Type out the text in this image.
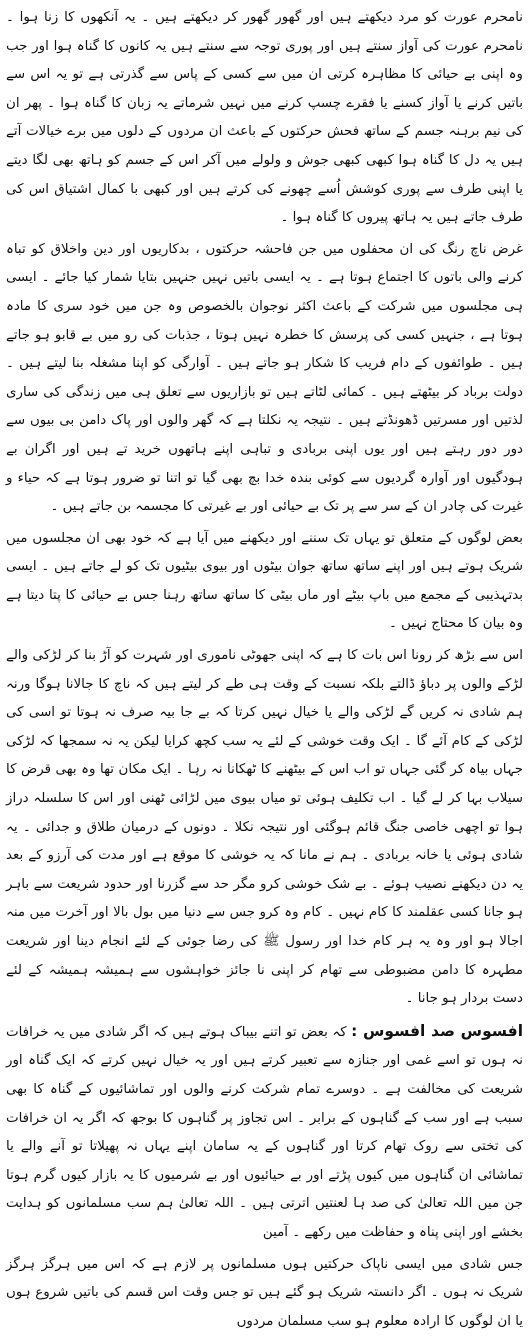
نامحرم عورت کو مرد دیکھتے ہیں اور گھور گھور کر دیکھتے ہیں ۔ یہ آنکھوں کا زنا ہوا ۔ نامحرم عورت کی آواز سنتے ہیں اور پوری توجہ سے سنتے ہیں یہ کانوں کا گناہ ہوا اور جب وہ اپنی بے حیائی کا مظاہرہ کرتی ان میں سے کسی کے پاس سے گذرتی ہے تو یہ اس سے باتیں کرنے یا آواز کسنے یا فقرے چسپ کرنے میں نہیں شرماتے یہ زبان کا گناہ ہوا ۔ پھر ان کی نیم برہنہ جسم کے ساتھ فحش حرکتوں کے باعث ان مردوں کے دلوں میں برے خیالات آتے ہیں یہ دل کا گناہ ہوا کبھی کبھی جوش و ولولے میں آکر اس کے جسم کو ہاتھ بھی لگا دیتے یا اپنی طرف سے پوری کوشش اُسے چھونے کی کرتے ہیں اور کبھی با کمال اشتیاق اس کی طرف جاتے ہیں یہ ہاتھ پیروں کا گناہ ہوا ۔

غرض ناچ رنگ کی ان محفلوں میں جن فاحشہ حرکتوں ، بدکاریوں اور دین واخلاق کو تباہ کرنے والی باتوں کا اجتماع ہوتا ہے ۔ یہ ایسی باتیں نہیں جنہیں بتایا شمار کیا جائے ۔ ایسی ہی مجلسوں میں شرکت کے باعث اکثر نوجوان بالخصوص وہ جن میں خود سری کا مادہ ہوتا ہے ، جنہیں کسی کی پرسش کا خطرہ نہیں ہوتا ، جذبات کی رو میں بے قابو ہو جاتے ہیں ۔ طوائفوں کے دام فریب کا شکار ہو جاتے ہیں ۔ آوارگی کو اپنا مشغلہ بنا لیتے ہیں ۔ دولت برباد کر بیٹھتے ہیں ۔ کمائی لٹاتے ہیں تو بازاریوں سے تعلق ہی میں زندگی کی ساری لذتیں اور مسرتیں ڈھونڈتے ہیں ۔ نتیجہ یہ نکلتا ہے کہ گھر والوں اور پاک دامن بی بیوں سے دور دور رہتے ہیں اور یوں اپنی بربادی و تباہی اپنے ہاتھوں خرید تے ہیں اور اگران بے ہودگیوں اور آوارہ گردیوں سے کوئی بندہ خدا بچ بھی گیا تو اتنا تو ضرور ہوتا ہے کہ حیاء و غیرت کی چادر ان کے سر سے پر تک بے حیائی اور بے غیرتی کا مجسمہ بن جاتے ہیں ۔

بعض لوگوں کے متعلق تو یہاں تک سننے اور دیکھنے میں آیا ہے کہ خود بھی ان مجلسوں میں شریک ہوتے ہیں اور اپنے ساتھ ساتھ جوان بیٹوں اور بیوی بیٹیوں تک کو لے جاتے ہیں ۔ ایسی بدتہذیبی کے مجمع میں باپ بیٹے اور ماں بیٹی کا ساتھ ساتھ رہنا جس بے حیائی کا پتا دیتا ہے وہ بیان کا محتاج نہیں ۔

اس سے بڑھ کر رونا اس بات کا ہے کہ اپنی جھوٹی ناموری اور شہرت کو آڑ بنا کر لڑکی والے لڑکے والوں پر دباؤ ڈالتے بلکہ نسبت کے وقت ہی طے کر لیتے ہیں کہ ناچ کا جالانا ہوگا ورنہ ہم شادی نہ کریں گے لڑکی والے یا خیال نہیں کرتا کہ بے جا بیہ صرف نہ ہوتا تو اسی کی لڑکی کے کام آئے گا ۔ ایک وقت خوشی کے لئے یہ سب کچھ کرایا لیکن یہ نہ سمجھا کہ لڑکی جہاں بیاہ کر گئی جہاں تو اب اس کے بیٹھنے کا ٹھکانا نہ رہا ۔ ایک مکان تھا وہ بھی قرض کا سیلاب بہا کر لے گیا ۔ اب تکلیف ہوئی تو میاں بیوی میں لڑائی ٹھنی اور اس کا سلسلہ دراز ہوا تو اچھی خاصی جنگ قائم ہوگئی اور نتیجہ نکلا ۔ دونوں کے درمیان طلاق و جدائی ۔ یہ شادی ہوئی یا خانہ بربادی ۔ ہم نے مانا کہ یہ خوشی کا موقع ہے اور مدت کی آرزو کے بعد یہ دن دیکھنے نصیب ہوئے ۔ بے شک خوشی کرو مگر حد سے گزرنا اور حدود شریعت سے باہر ہو جانا کسی عقلمند کا کام نہیں ۔ کام وہ کرو جس سے دنیا میں بول بالا اور آخرت میں منہ اجالا ہو اور وہ یہ ہر کام خدا اور رسول ﷺ کی رضا جوئی کے لئے انجام دینا اور شریعت مطہرہ کا دامن مضبوطی سے تھام کر اپنی نا جائز خواہشوں سے ہمیشہ ہمیشہ کے لئے دست بردار ہو جانا ۔

افسوس صد افسوس : کہ بعض تو اتنے بیباک ہوتے ہیں کہ اگر شادی میں یہ خرافات نہ ہوں تو اسے غمی اور جنازہ سے تعبیر کرتے ہیں اور یہ خیال نہیں کرتے کہ ایک گناہ اور شریعت کی مخالفت ہے ۔ دوسرے تمام شرکت کرنے والوں اور تماشائیوں کے گناہ کا بھی سبب ہے اور سب کے گناہوں کے برابر ۔ اس تجاوز پر گناہوں کا بوجھ کہ اگر یہ ان خرافات کی تختی سے روک تھام کرتا اور گناہوں کے یہ سامان اپنے یہاں نہ پھیلاتا تو آنے والے یا تماشائی ان گناہوں میں کیوں پڑتے اور بے حیائیوں اور بے شرمیوں کا یہ بازار کیوں گرم ہوتا جن میں اللہ تعالیٰ کی صد ہا لعنتیں اترتی ہیں ۔ اللہ تعالیٰ ہم سب مسلمانوں کو ہدایت بخشے اور اپنی پناہ و حفاظت میں رکھے ۔ آمین

جس شادی میں ایسی ناپاک حرکتیں ہوں مسلمانوں پر لازم ہے کہ اس میں ہرگز ہرگز شریک نہ ہوں ۔ اگر دانستہ شریک ہو گئے ہیں تو جس وقت اس قسم کی باتیں شروع ہوں یا ان لوگوں کا ارادہ معلوم ہو سب مسلمان مردوں
